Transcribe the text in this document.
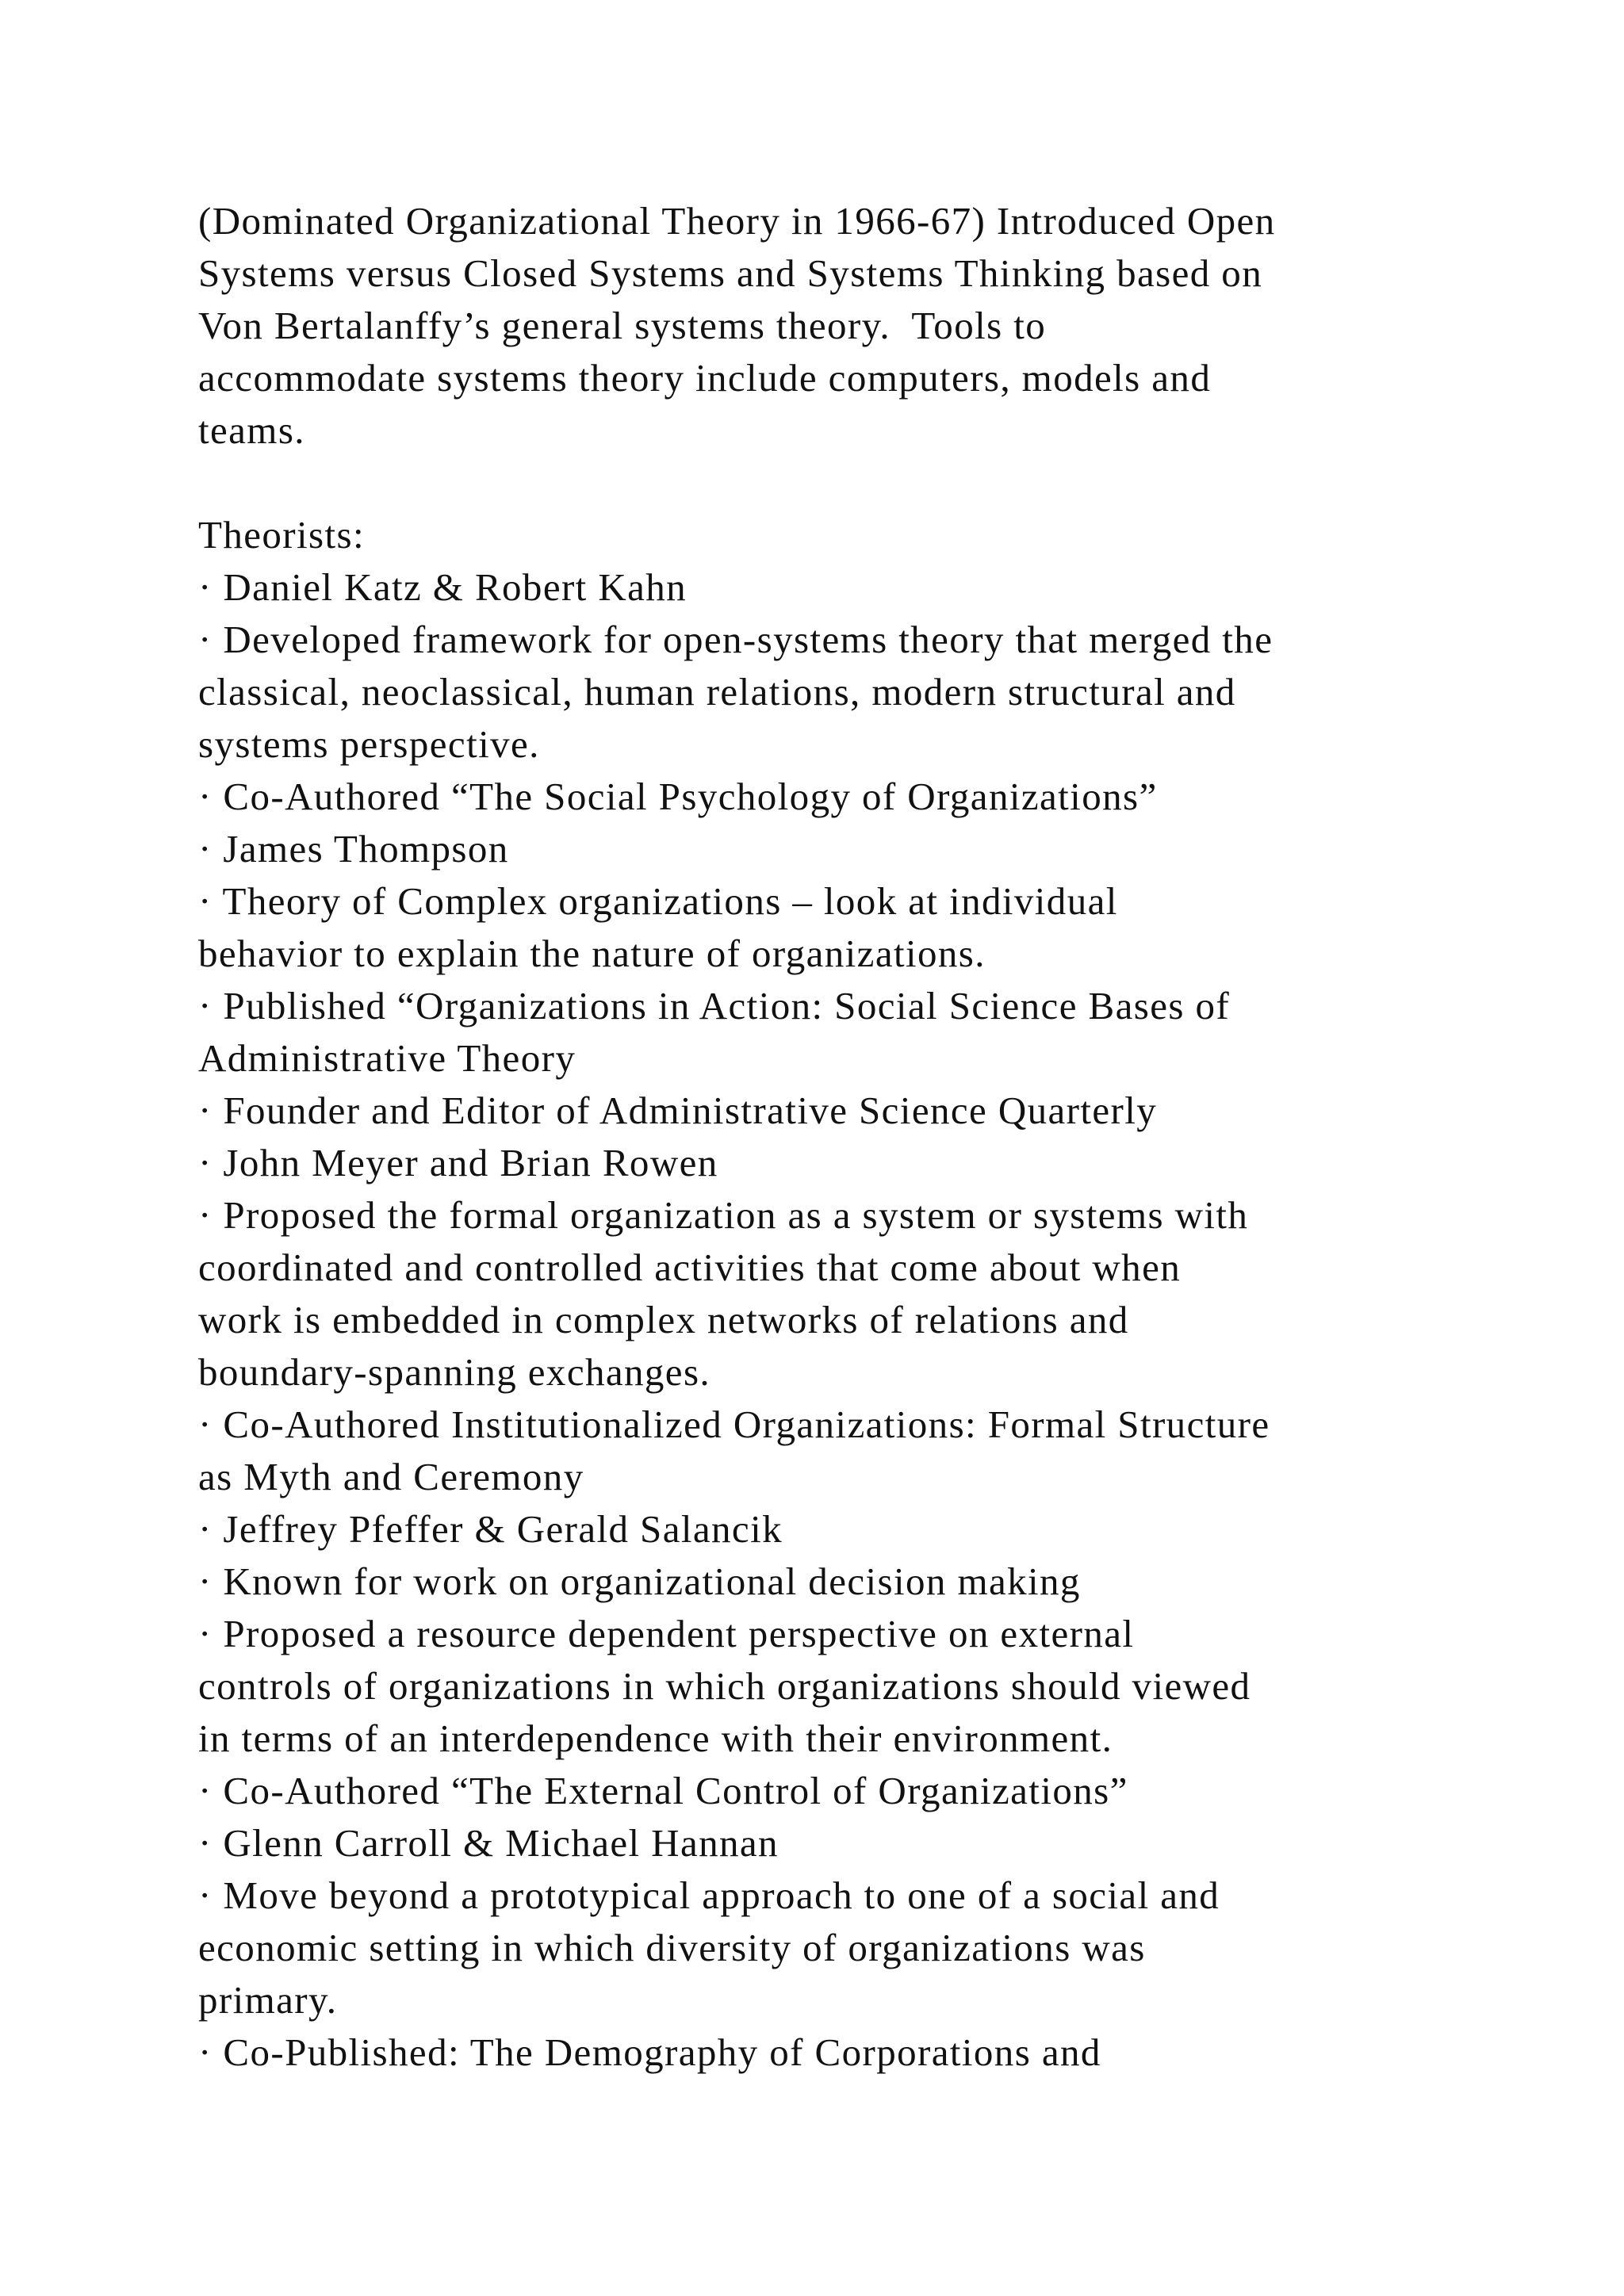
(Dominated Organizational Theory in 1966-67) Introduced Open
Systems versus Closed Systems and Systems Thinking based on
Von Bertalanffy’s general systems theory.  Tools to
accommodate systems theory include computers, models and
teams.
Theorists:
· Daniel Katz & Robert Kahn
· Developed framework for open-systems theory that merged the
classical, neoclassical, human relations, modern structural and
systems perspective.
· Co-Authored “The Social Psychology of Organizations”
· James Thompson
· Theory of Complex organizations – look at individual
behavior to explain the nature of organizations.
· Published “Organizations in Action: Social Science Bases of
Administrative Theory
· Founder and Editor of Administrative Science Quarterly
· John Meyer and Brian Rowen
· Proposed the formal organization as a system or systems with
coordinated and controlled activities that come about when
work is embedded in complex networks of relations and
boundary-spanning exchanges.
· Co-Authored Institutionalized Organizations: Formal Structure
as Myth and Ceremony
· Jeffrey Pfeffer & Gerald Salancik
· Known for work on organizational decision making
· Proposed a resource dependent perspective on external
controls of organizations in which organizations should viewed
in terms of an interdependence with their environment.
· Co-Authored “The External Control of Organizations”
· Glenn Carroll & Michael Hannan
· Move beyond a prototypical approach to one of a social and
economic setting in which diversity of organizations was
primary.
· Co-Published: The Demography of Corporations and
